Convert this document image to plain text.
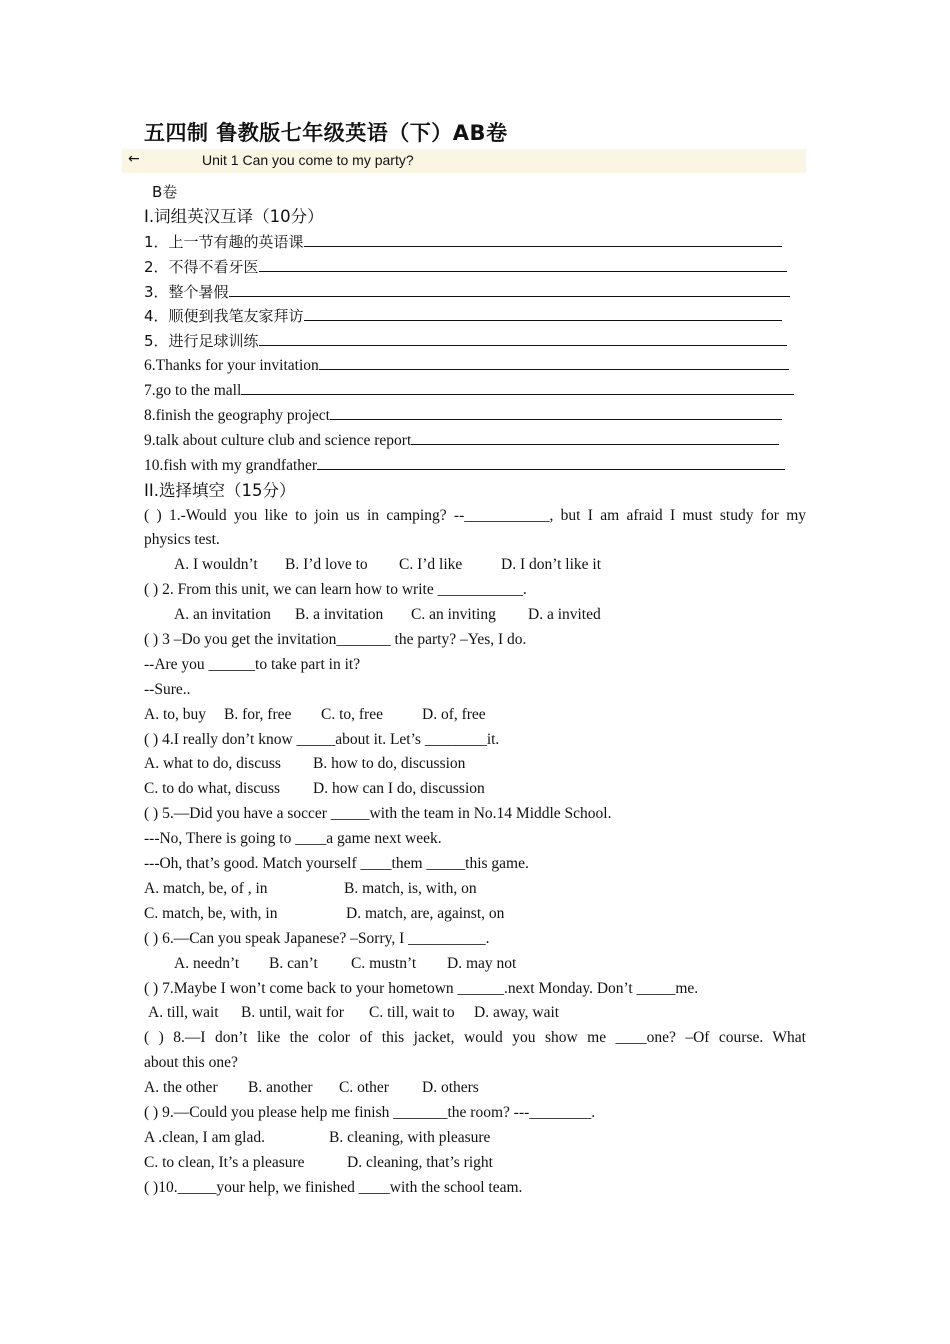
五四制 鲁教版七年级英语（下）AB卷
←	Unit 1 Can you come to my party?
B卷
I.词组英汉互译（10分）
1．上一节有趣的英语课
2．不得不看牙医
3．整个暑假
4．顺便到我笔友家拜访
5．进行足球训练
6.Thanks for your invitation
7.go to the mall
8.finish the geography project
9.talk about culture club and science report
10.fish with my grandfather
II.选择填空（15分）
( ) 1.-Would you like to join us in camping? --___________, but I am afraid I must study for my
physics test.
A. I wouldn’t B. I’d love to C. I’d like D. I don’t like it
( ) 2. From this unit, we can learn how to write ___________.
A. an invitation B. a invitation C. an inviting D. a invited
( ) 3 –Do you get the invitation_______ the party? –Yes, I do.
--Are you ______to take part in it?
--Sure..
A. to, buy B. for, free C. to, free	D. of, free
( ) 4.I really don’t know _____about it. Let’s ________it.
A. what to do, discuss B. how to do, discussion
C. to do what, discuss D. how can I do, discussion
( ) 5.—Did you have a soccer _____with the team in No.14 Middle School.
---No, There is going to ____a game next week.
---Oh, that’s good. Match yourself ____them _____this game.
A. match, be, of , in	B. match, is, with, on
C. match, be, with, in	D. match, are, against, on
( ) 6.—Can you speak Japanese? –Sorry, I __________.
A. needn’t B. can’t C. mustn’t D. may not
( ) 7.Maybe I won’t come back to your hometown ______.next Monday. Don’t _____me.
A. till, wait B. until, wait for C. till, wait to D. away, wait
( ) 8.—I don’t like the color of this jacket, would you show me ____one? –Of course. What
about this one?
A. the other B. another C. other D. others
( ) 9.—Could you please help me finish _______the room? ---________.
A .clean, I am glad.	B. cleaning, with pleasure
C. to clean, It’s a pleasure	D. cleaning, that’s right
( )10._____your help, we finished ____with the school team.
